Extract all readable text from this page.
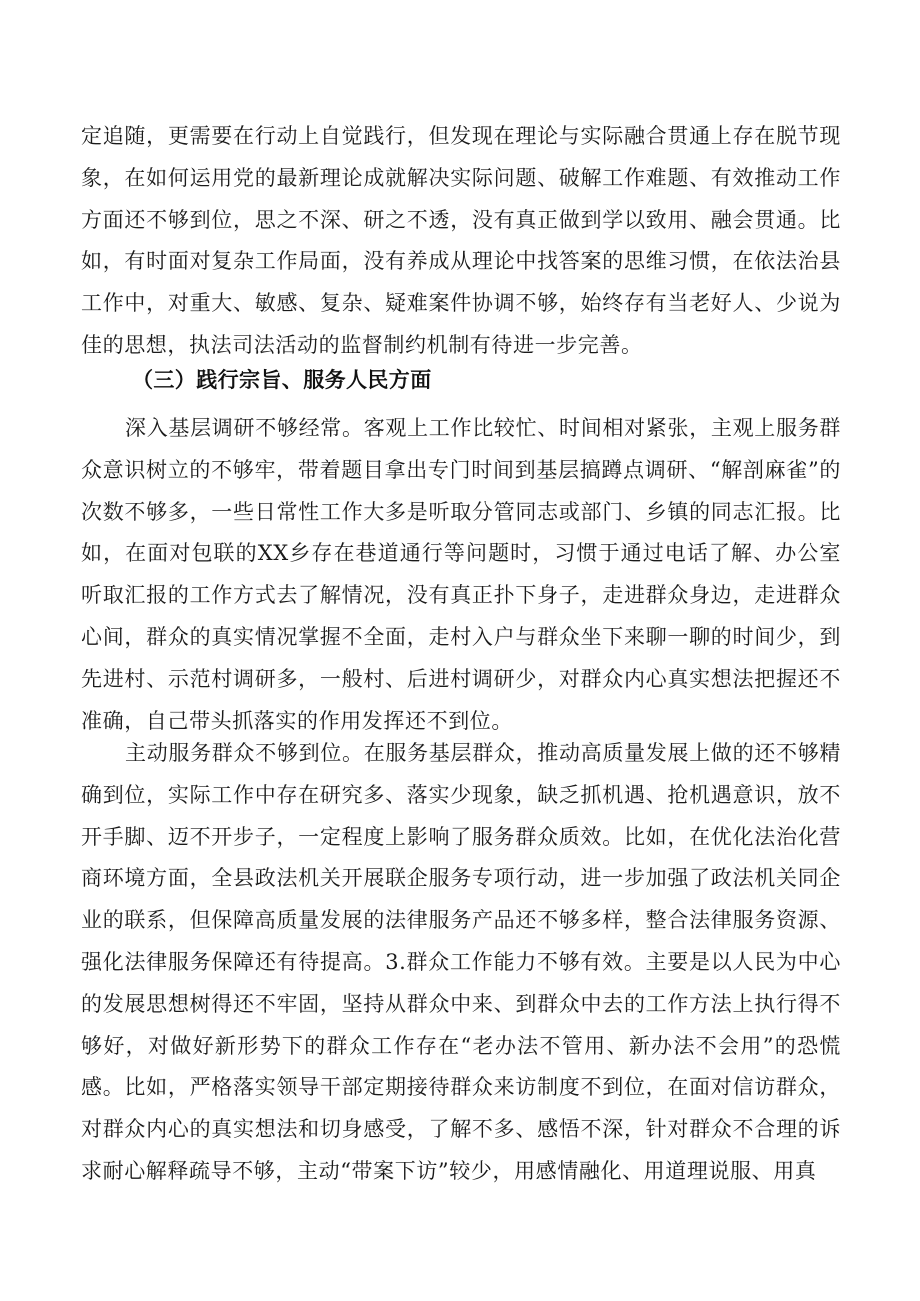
定追随，更需要在行动上自觉践行，但发现在理论与实际融合贯通上存在脱节现象，在如何运用党的最新理论成就解决实际问题、破解工作难题、有效推动工作方面还不够到位，思之不深、研之不透，没有真正做到学以致用、融会贯通。比如，有时面对复杂工作局面，没有养成从理论中找答案的思维习惯，在依法治县工作中，对重大、敏感、复杂、疑难案件协调不够，始终存有当老好人、少说为佳的思想，执法司法活动的监督制约机制有待进一步完善。

（三）践行宗旨、服务人民方面

深入基层调研不够经常。客观上工作比较忙、时间相对紧张，主观上服务群众意识树立的不够牢，带着题目拿出专门时间到基层搞蹲点调研、“解剖麻雀”的次数不够多，一些日常性工作大多是听取分管同志或部门、乡镇的同志汇报。比如，在面对包联的XX乡存在巷道通行等问题时，习惯于通过电话了解、办公室听取汇报的工作方式去了解情况，没有真正扑下身子，走进群众身边，走进群众心间，群众的真实情况掌握不全面，走村入户与群众坐下来聊一聊的时间少，到先进村、示范村调研多，一般村、后进村调研少，对群众内心真实想法把握还不准确，自己带头抓落实的作用发挥还不到位。

主动服务群众不够到位。在服务基层群众，推动高质量发展上做的还不够精确到位，实际工作中存在研究多、落实少现象，缺乏抓机遇、抢机遇意识，放不开手脚、迈不开步子，一定程度上影响了服务群众质效。比如，在优化法治化营商环境方面，全县政法机关开展联企服务专项行动，进一步加强了政法机关同企业的联系，但保障高质量发展的法律服务产品还不够多样，整合法律服务资源、强化法律服务保障还有待提高。3.群众工作能力不够有效。主要是以人民为中心的发展思想树得还不牢固，坚持从群众中来、到群众中去的工作方法上执行得不够好，对做好新形势下的群众工作存在“老办法不管用、新办法不会用”的恐慌感。比如，严格落实领导干部定期接待群众来访制度不到位，在面对信访群众，对群众内心的真实想法和切身感受，了解不多、感悟不深，针对群众不合理的诉求耐心解释疏导不够，主动“带案下访”较少，用感情融化、用道理说服、用真
